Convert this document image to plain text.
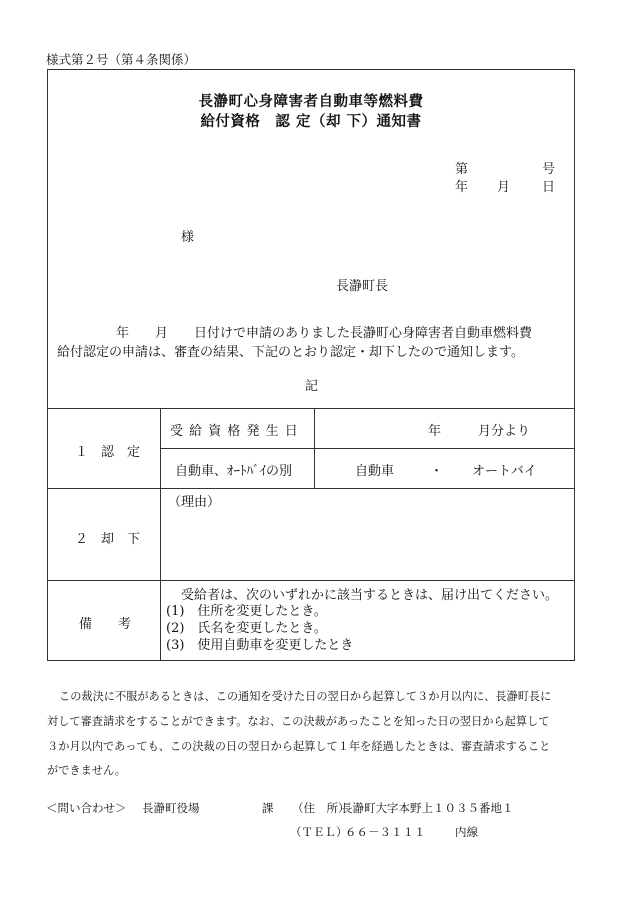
様式第２号（第４条関係）
長瀞町心身障害者自動車等燃料費
給付資格　認 定（却 下）通知書
第	号
年 月 日
様
長瀞町長
年　　月　　日付けで申請のありました長瀞町心身障害者自動車燃料費
給付認定の申請は、審査の結果、下記のとおり認定・却下したので通知します。
記
１　認　定
受 給 資 格 発 生 日	年	月分より
自動車、ｵｰﾄﾊﾞｲの別	自動車	・ オートバイ
２　却　下
（理由）
備　　考
受給者は、次のいずれかに該当するときは、届け出てください。
(1)　住所を変更したとき。
(2)　氏名を変更したとき。
(3)　使用自動車を変更したとき
この裁決に不服があるときは、この通知を受けた日の翌日から起算して３か月以内に、長瀞町長に
対して審査請求をすることができます。なお、この決裁があったことを知った日の翌日から起算して
３か月以内であっても、この決裁の日の翌日から起算して１年を経過したときは、審査請求すること
ができません。
＜問い合わせ＞ 長瀞町役場	課 （住　所）
長瀞町大字本野上１０３５番地１
（ＴＥＬ）
６６－３１１１	内線
